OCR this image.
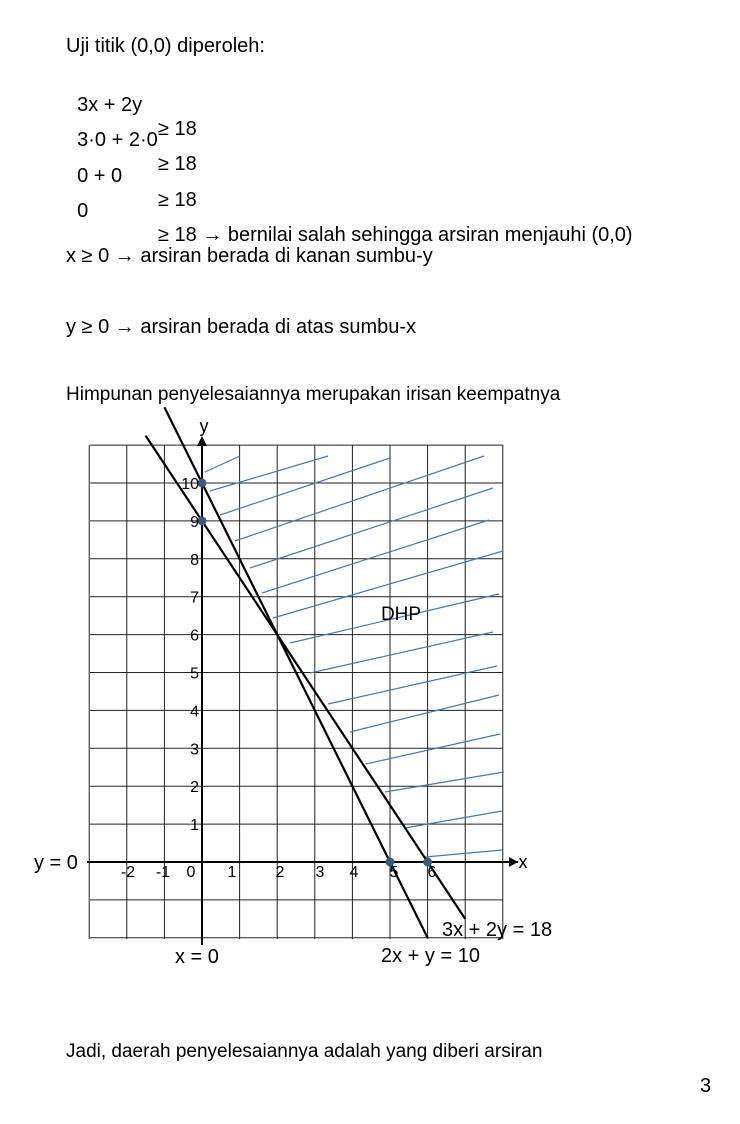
Uji titik (0,0) diperoleh:

3x + 2y

≥ 18

3·0 + 2·0

≥ 18

0 + 0

≥ 18

0

≥ 18 → bernilai salah sehingga arsiran menjauhi (0,0)

x ≥ 0 → arsiran berada di kanan sumbu-y
y ≥ 0 → arsiran berada di atas sumbu-x
Himpunan penyelesaiannya merupakan irisan keempatnya
-2 -1 0 1 2 3 4 5 6
1
2
3
4
5
6
7
8
9
10
y
x
DHP
3x + 2y = 18
2x + y = 10
x = 0
y = 0
Jadi, daerah penyelesaiannya adalah yang diberi arsiran
3
